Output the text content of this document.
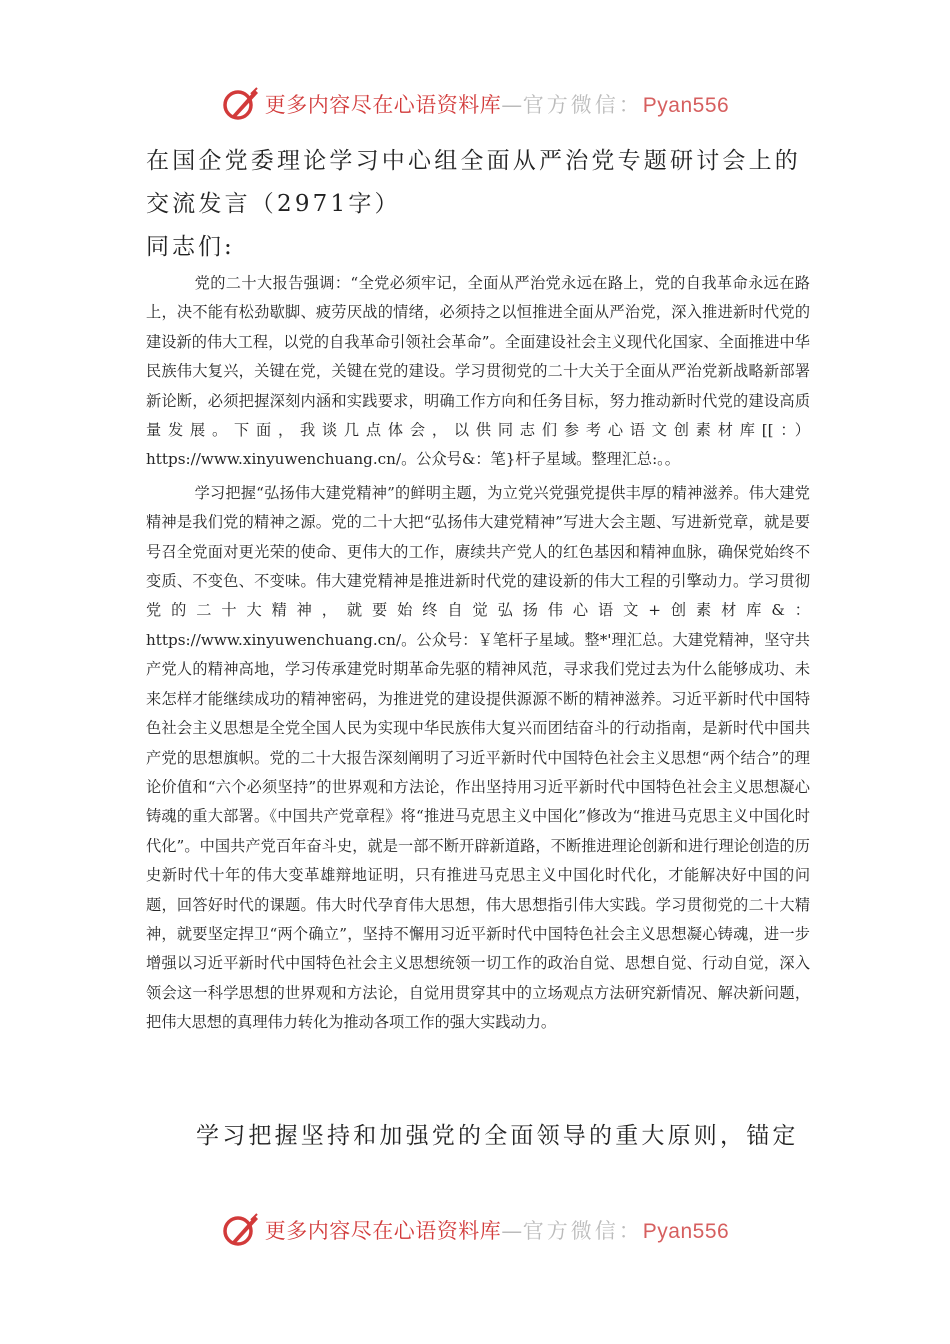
更多内容尽在心语资料库—官方微信：Pyan556
在国企党委理论学习中心组全面从严治党专题研讨会上的交流发言（2971字）
同志们:

党的二十大报告强调：“全党必须牢记，全面从严治党永远在路上，党的自我革命永远在路上，决不能有松劲歇脚、疲劳厌战的情绪，必须持之以恒推进全面从严治党，深入推进新时代党的建设新的伟大工程，以党的自我革命引领社会革命”。全面建设社会主义现代化国家、全面推进中华民族伟大复兴，关键在党，关键在党的建设。学习贯彻党的二十大关于全面从严治党新战略新部署新论断，必须把握深刻内涵和实践要求，明确工作方向和任务目标，努力推动新时代党的建设高质量发展。下面，我谈几点体会，以供同志们参考心语文创素材库[[：）https://www.xinyuwenchuang.cn/。公众号&：笔}杆子星域。整理汇总:。。

学习把握“弘扬伟大建党精神”的鲜明主题，为立党兴党强党提供丰厚的精神滋养。伟大建党精神是我们党的精神之源。党的二十大把“弘扬伟大建党精神”写进大会主题、写进新党章，就是要号召全党面对更光荣的使命、更伟大的工作，赓续共产党人的红色基因和精神血脉，确保党始终不变质、不变色、不变味。伟大建党精神是推进新时代党的建设新的伟大工程的引擎动力。学习贯彻党的二十大精神，就要始终自觉弘扬伟心语文+创素材库&：https://www.xinyuwenchuang.cn/。公众号：￥笔杆子星域。整*'理汇总。大建党精神，坚守共产党人的精神高地，学习传承建党时期革命先驱的精神风范，寻求我们党过去为什么能够成功、未来怎样才能继续成功的精神密码，为推进党的建设提供源源不断的精神滋养。习近平新时代中国特色社会主义思想是全党全国人民为实现中华民族伟大复兴而团结奋斗的行动指南，是新时代中国共产党的思想旗帜。党的二十大报告深刻阐明了习近平新时代中国特色社会主义思想“两个结合”的理论价值和“六个必须坚持”的世界观和方法论，作出坚持用习近平新时代中国特色社会主义思想凝心铸魂的重大部署。《中国共产党章程》将“推进马克思主义中国化”修改为“推进马克思主义中国化时代化”。中国共产党百年奋斗史，就是一部不断开辟新道路，不断推进理论创新和进行理论创造的历史新时代十年的伟大变革雄辩地证明，只有推进马克思主义中国化时代化，才能解决好中国的问题，回答好时代的课题。伟大时代孕育伟大思想，伟大思想指引伟大实践。学习贯彻党的二十大精神，就要坚定捍卫“两个确立”，坚持不懈用习近平新时代中国特色社会主义思想凝心铸魂，进一步增强以习近平新时代中国特色社会主义思想统领一切工作的政治自觉、思想自觉、行动自觉，深入领会这一科学思想的世界观和方法论，自觉用贯穿其中的立场观点方法研究新情况、解决新问题，把伟大思想的真理伟力转化为推动各项工作的强大实践动力。

学习把握坚持和加强党的全面领导的重大原则，锚定
更多内容尽在心语资料库—官方微信：Pyan556
